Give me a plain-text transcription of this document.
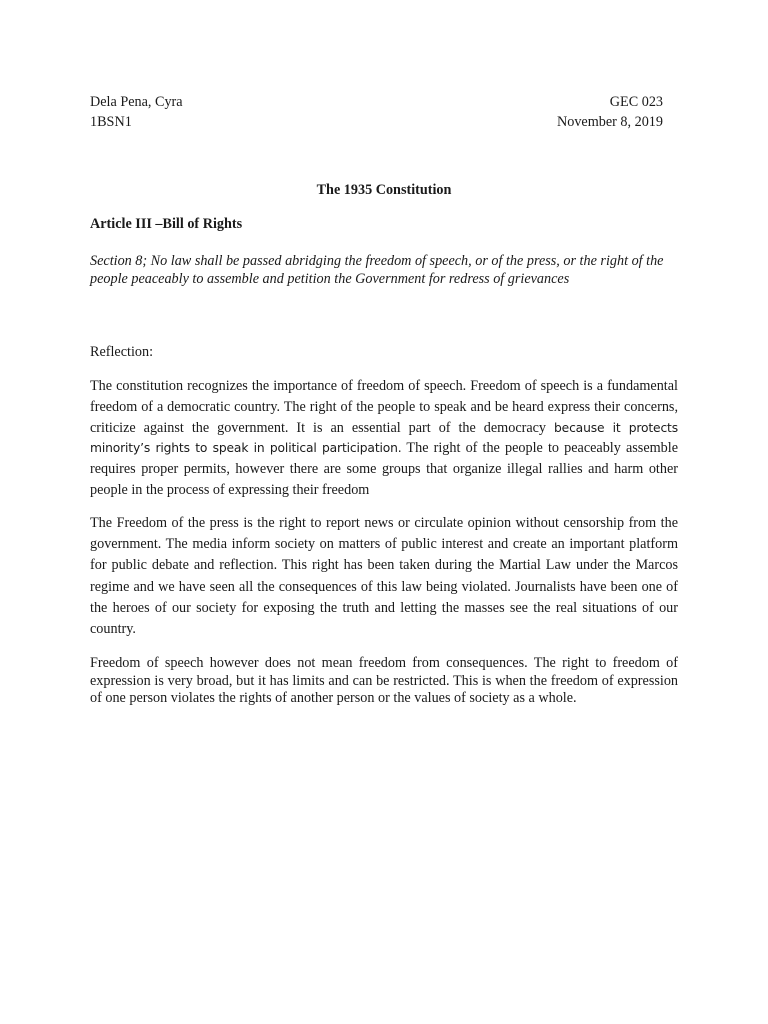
Dela Pena, Cyra
1BSN1
GEC 023
November 8, 2019
The 1935 Constitution
Article III –Bill of Rights
Section 8; No law shall be passed abridging the freedom of speech, or of the press, or the right of the people peaceably to assemble and petition the Government for redress of grievances
Reflection:
The constitution recognizes the importance of freedom of speech. Freedom of speech is a fundamental freedom of a democratic country. The right of the people to speak and be heard express their concerns, criticize against the government. It is an essential part of the democracy because it protects minority’s rights to speak in political participation. The right of the people to peaceably assemble requires proper permits, however there are some groups that organize illegal rallies and harm other people in the process of expressing their freedom
The Freedom of the press is the right to report news or circulate opinion without censorship from the government. The media inform society on matters of public interest and create an important platform for public debate and reflection. This right has been taken during the Martial Law under the Marcos regime and we have seen all the consequences of this law being violated. Journalists have been one of the heroes of our society for exposing the truth and letting the masses see the real situations of our country.
Freedom of speech however does not mean freedom from consequences. The right to freedom of expression is very broad, but it has limits and can be restricted. This is when the freedom of expression of one person violates the rights of another person or the values of society as a whole.
